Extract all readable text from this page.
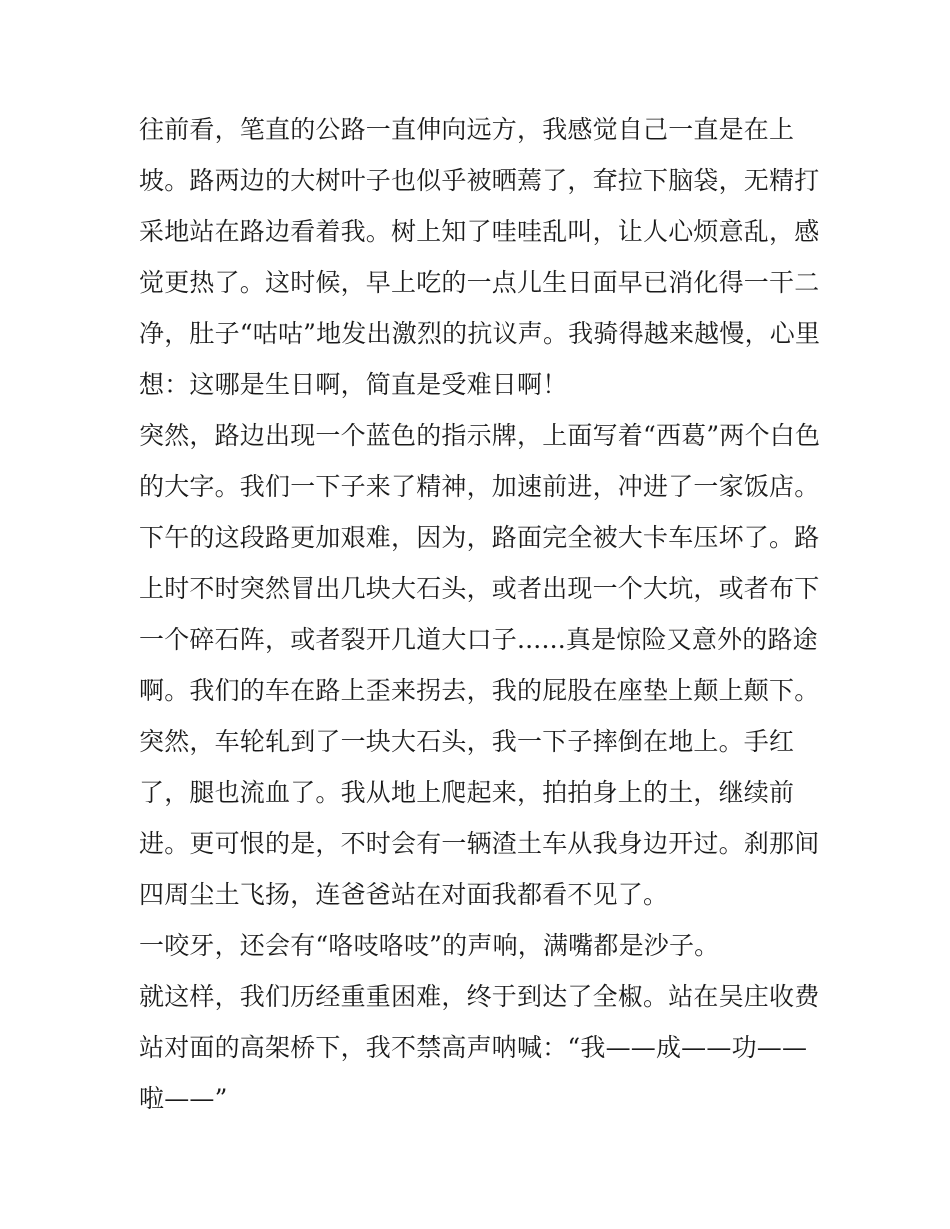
往前看，笔直的公路一直伸向远方，我感觉自己一直是在上
坡。路两边的大树叶子也似乎被晒蔫了，耷拉下脑袋，无精打
采地站在路边看着我。树上知了哇哇乱叫，让人心烦意乱，感
觉更热了。这时候，早上吃的一点儿生日面早已消化得一干二
净，肚子“咕咕”地发出激烈的抗议声。我骑得越来越慢，心里
想：这哪是生日啊，简直是受难日啊！
突然，路边出现一个蓝色的指示牌，上面写着“西葛”两个白色
的大字。我们一下子来了精神，加速前进，冲进了一家饭店。
下午的这段路更加艰难，因为，路面完全被大卡车压坏了。路
上时不时突然冒出几块大石头，或者出现一个大坑，或者布下
一个碎石阵，或者裂开几道大口子......真是惊险又意外的路途
啊。我们的车在路上歪来拐去，我的屁股在座垫上颠上颠下。
突然，车轮轧到了一块大石头，我一下子摔倒在地上。手红
了，腿也流血了。我从地上爬起来，拍拍身上的土，继续前
进。更可恨的是，不时会有一辆渣土车从我身边开过。刹那间
四周尘土飞扬，连爸爸站在对面我都看不见了。
一咬牙，还会有“咯吱咯吱”的声响，满嘴都是沙子。
就这样，我们历经重重困难，终于到达了全椒。站在吴庄收费
站对面的高架桥下，我不禁高声呐喊：“我——成——功——
啦——”
